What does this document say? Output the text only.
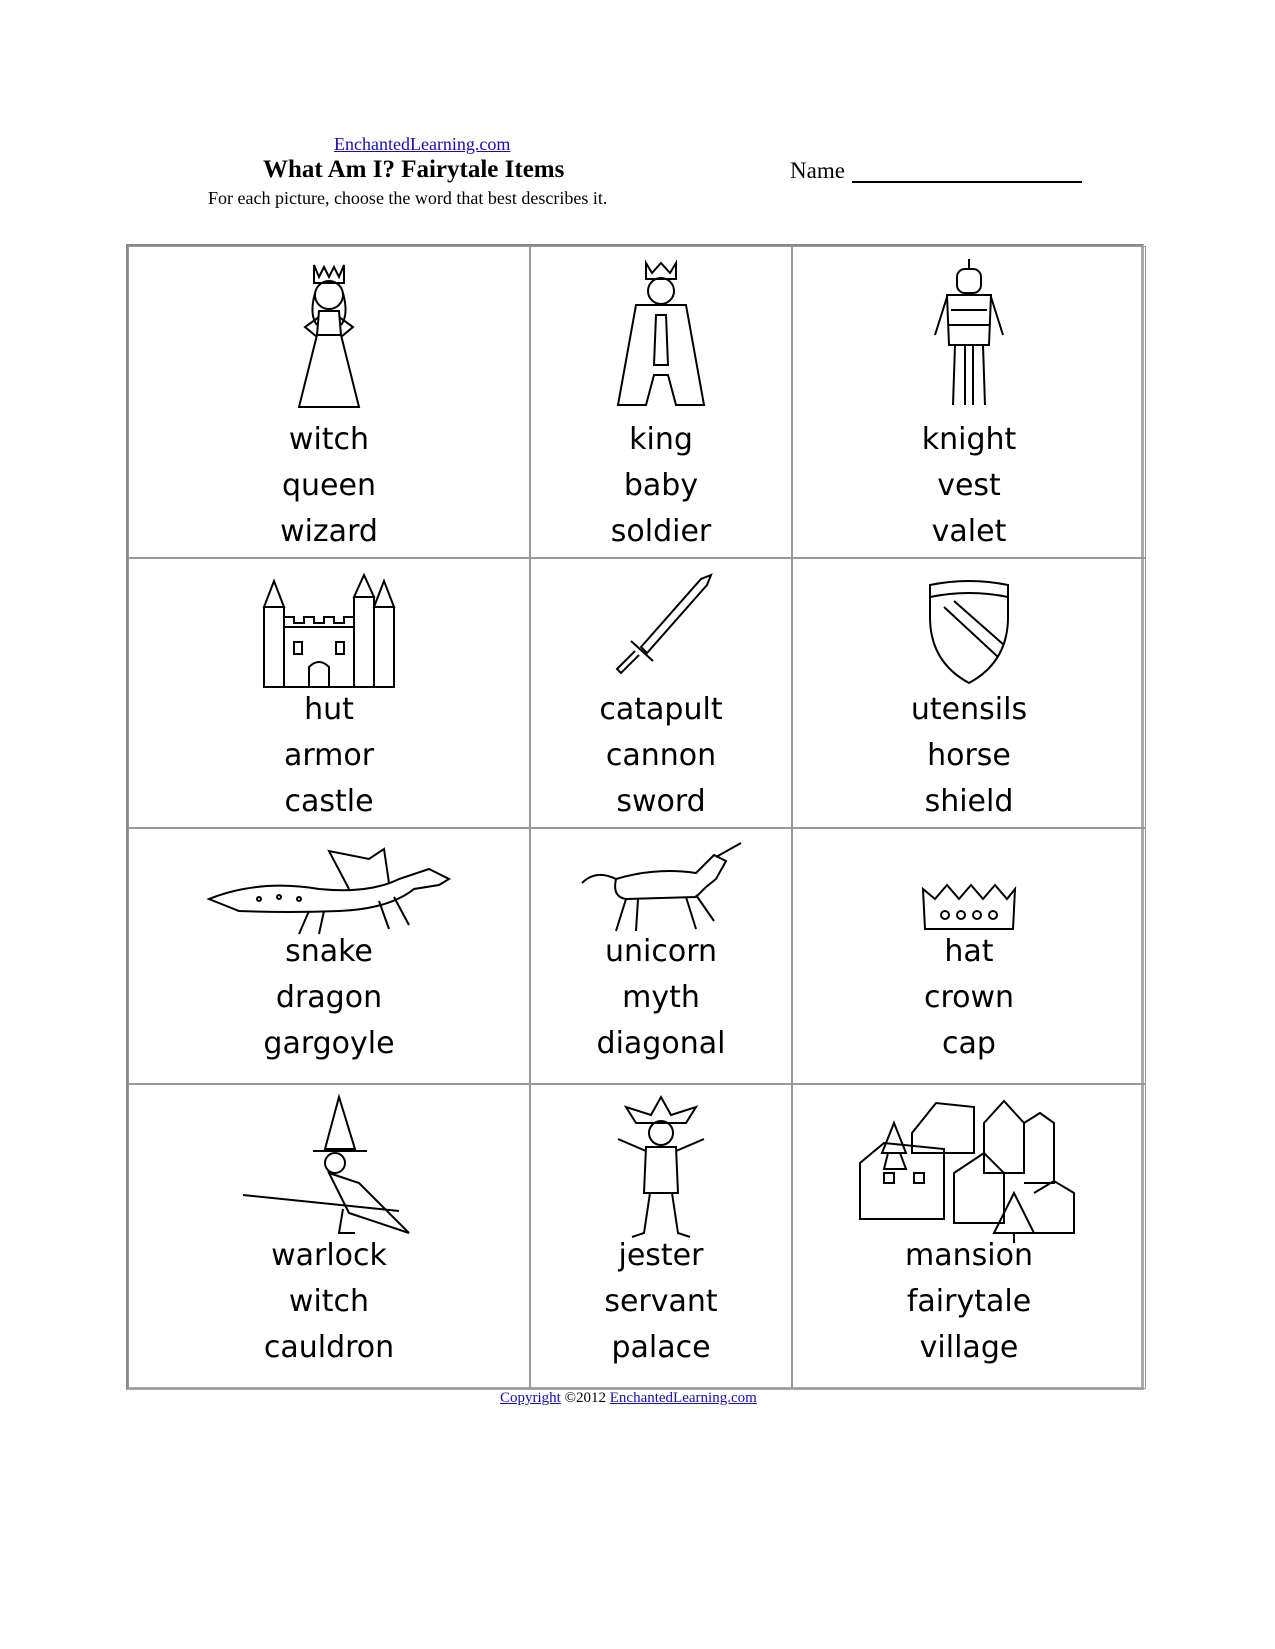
EnchantedLearning.com
What Am I? Fairytale Items	Name
For each picture, choose the word that best describes it.
witch
queen
wizard
king
baby
soldier
knight
vest
valet
hut
armor
castle
catapult
cannon
sword
utensils
horse
shield
snake
dragon
gargoyle
unicorn
myth
diagonal
hat
crown
cap
warlock
witch
cauldron
jester
servant
palace
mansion
fairytale
village
Copyright ©2012 EnchantedLearning.com
